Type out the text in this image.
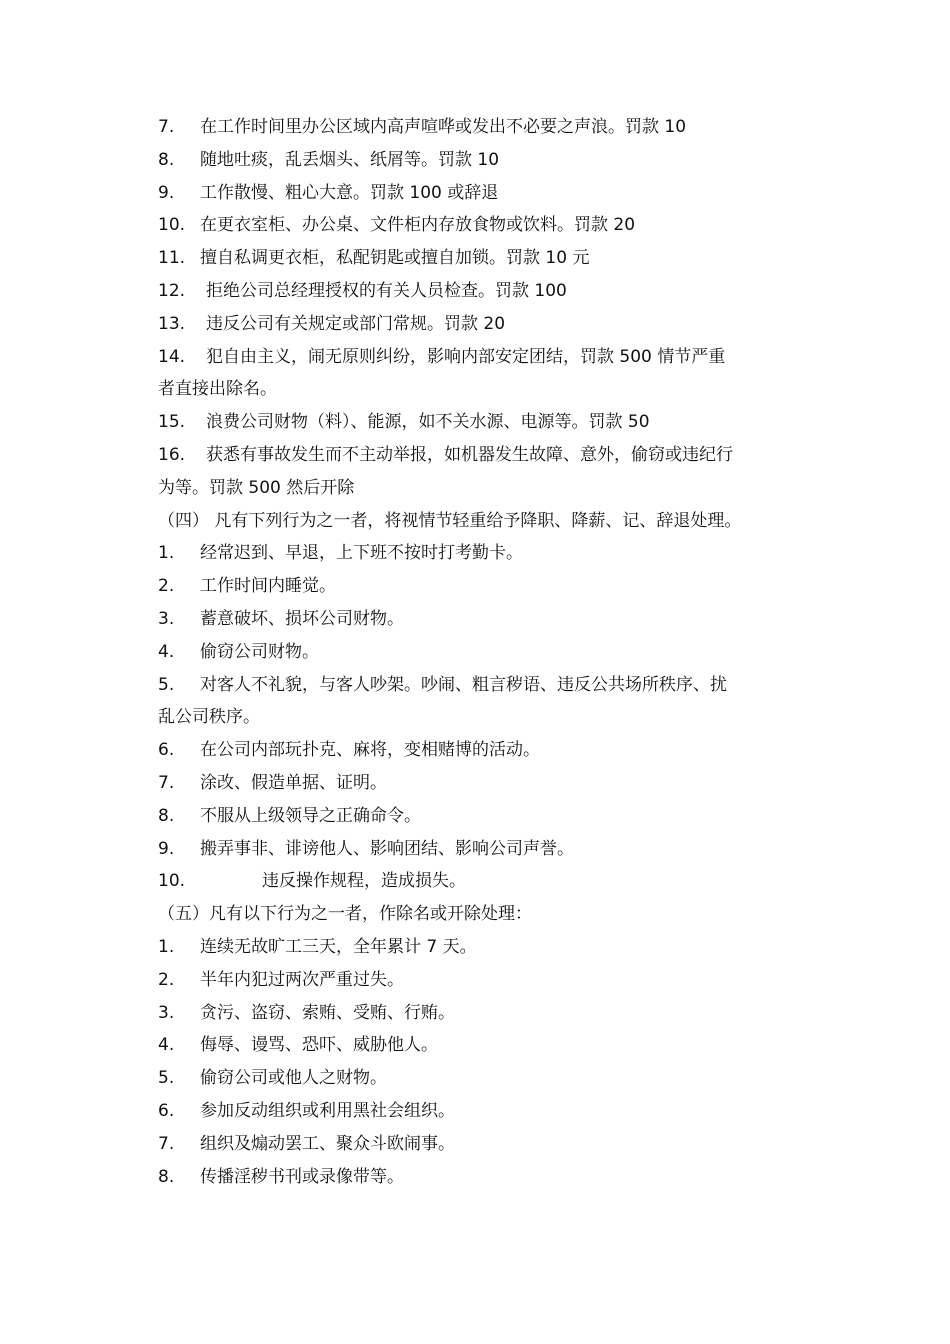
7. 在工作时间里办公区域内高声喧哗或发出不必要之声浪。罚款 10
8. 随地吐痰，乱丢烟头、纸屑等。罚款 10
9. 工作散慢、粗心大意。罚款 100 或辞退
10. 在更衣室柜、办公桌、文件柜内存放食物或饮料。罚款 20
11. 擅自私调更衣柜，私配钥匙或擅自加锁。罚款 10 元
12. 拒绝公司总经理授权的有关人员检查。罚款 100
13. 违反公司有关规定或部门常规。罚款 20
14. 犯自由主义，闹无原则纠纷，影响内部安定团结，罚款 500 情节严重
者直接出除名。
15. 浪费公司财物（料）、能源，如不关水源、电源等。罚款 50
16. 获悉有事故发生而不主动举报，如机器发生故障、意外，偷窃或违纪行
为等。罚款 500 然后开除
（四） 凡有下列行为之一者，将视情节轻重给予降职、降薪、记、辞退处理。
1. 经常迟到、早退，上下班不按时打考勤卡。
2. 工作时间内睡觉。
3. 蓄意破坏、损坏公司财物。
4. 偷窃公司财物。
5. 对客人不礼貌，与客人吵架。吵闹、粗言秽语、违反公共场所秩序、扰
乱公司秩序。
6. 在公司内部玩扑克、麻将，变相赌博的活动。
7. 涂改、假造单据、证明。
8. 不服从上级领导之正确命令。
9. 搬弄事非、诽谤他人、影响团结、影响公司声誉。
10.	违反操作规程，造成损失。
（五）凡有以下行为之一者，作除名或开除处理：
1. 连续无故旷工三天，全年累计 7 天。
2. 半年内犯过两次严重过失。
3. 贪污、盗窃、索贿、受贿、行贿。
4. 侮辱、谩骂、恐吓、威胁他人。
5. 偷窃公司或他人之财物。
6. 参加反动组织或利用黑社会组织。
7. 组织及煽动罢工、聚众斗欧闹事。
8. 传播淫秽书刊或录像带等。
